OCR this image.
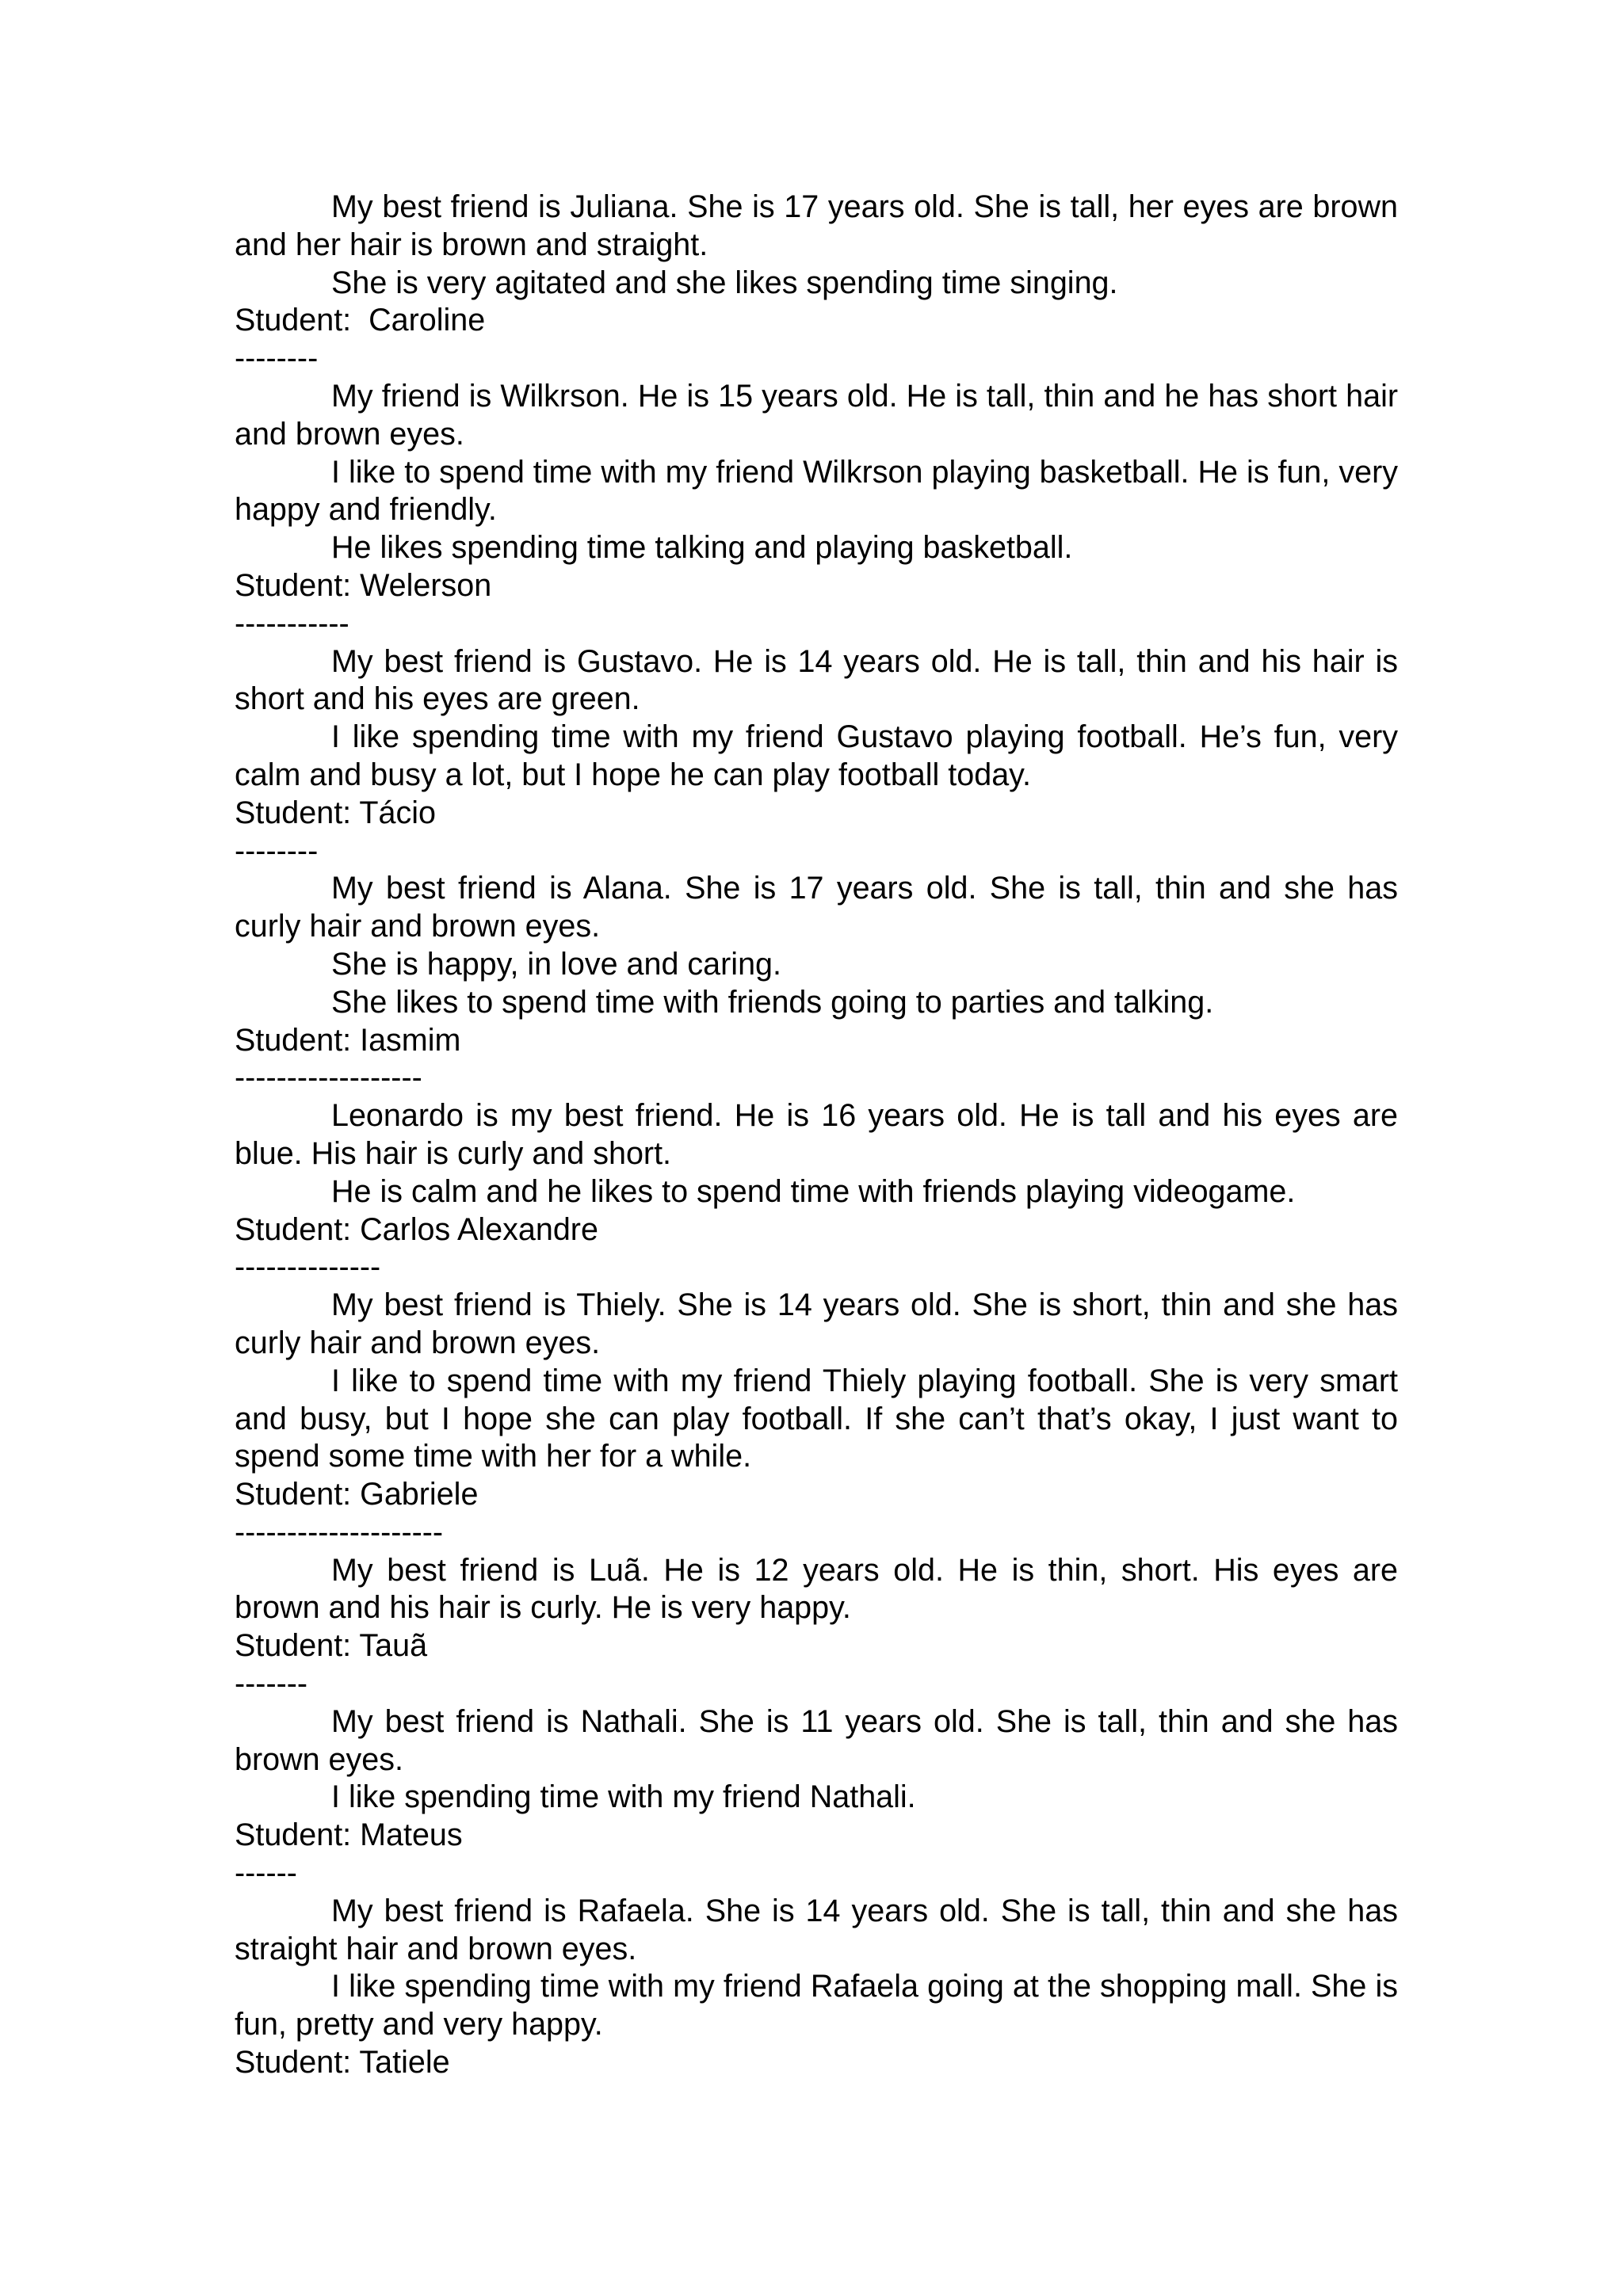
My best friend is Juliana. She is 17 years old. She is tall, her eyes are brown and her hair is brown and straight.

She is very agitated and she likes spending time singing.

Student:  Caroline

--------

My friend is Wilkrson. He is 15 years old. He is tall, thin and he has short hair and brown eyes.

I like to spend time with my friend Wilkrson playing basketball. He is fun, very happy and friendly.

He likes spending time talking and playing basketball.

Student: Welerson

-----------

My best friend is Gustavo. He is 14 years old. He is tall, thin and his hair is short and his eyes are green.

I like spending time with my friend Gustavo playing football. He’s fun, very calm and busy a lot, but I hope he can play football today.

Student: Tácio

--------

My best friend is Alana. She is 17 years old. She is tall, thin and she has curly hair and brown eyes.

She is happy, in love and caring.

She likes to spend time with friends going to parties and talking.

Student: Iasmim

------------------

Leonardo is my best friend. He is 16 years old. He is tall and his eyes are blue. His hair is curly and short.

He is calm and he likes to spend time with friends playing videogame.

Student: Carlos Alexandre

--------------

My best friend is Thiely. She is 14 years old. She is short, thin and she has curly hair and brown eyes.

I like to spend time with my friend Thiely playing football. She is very smart and busy, but I hope she can play football. If she can’t that’s okay, I just want to spend some time with her for a while.

Student: Gabriele

--------------------

My best friend is Luã. He is 12 years old. He is thin, short. His eyes are brown and his hair is curly. He is very happy.

Student: Tauã

-------

My best friend is Nathali. She is 11 years old. She is tall, thin and she has brown eyes.

I like spending time with my friend Nathali.

Student: Mateus

------

My best friend is Rafaela. She is 14 years old. She is tall, thin and she has straight hair and brown eyes.

I like spending time with my friend Rafaela going at the shopping mall. She is fun, pretty and very happy.

Student: Tatiele
